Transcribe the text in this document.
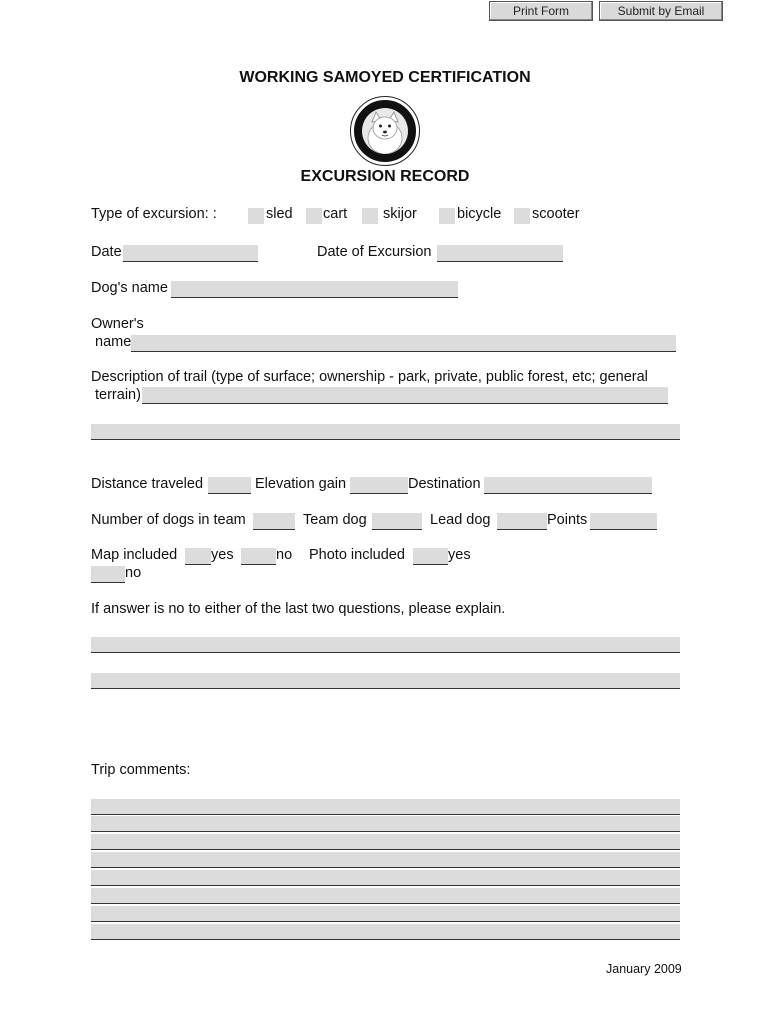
Print Form	Submit by Email
WORKING SAMOYED CERTIFICATION
EXCURSION RECORD
Type of excursion: :	sled cart skijor	bicycle scooter
Date	Date of Excursion
Dog's name
Owner's
name
Description of trail (type of surface; ownership - park, private, public forest, etc; general
terrain)
Distance traveled	Elevation gain	Destination
Number of dogs in team	Team dog	Lead dog	Points
Map included yes	no Photo included	yes
no
If answer is no to either of the last two questions, please explain.
Trip comments:
January 2009
